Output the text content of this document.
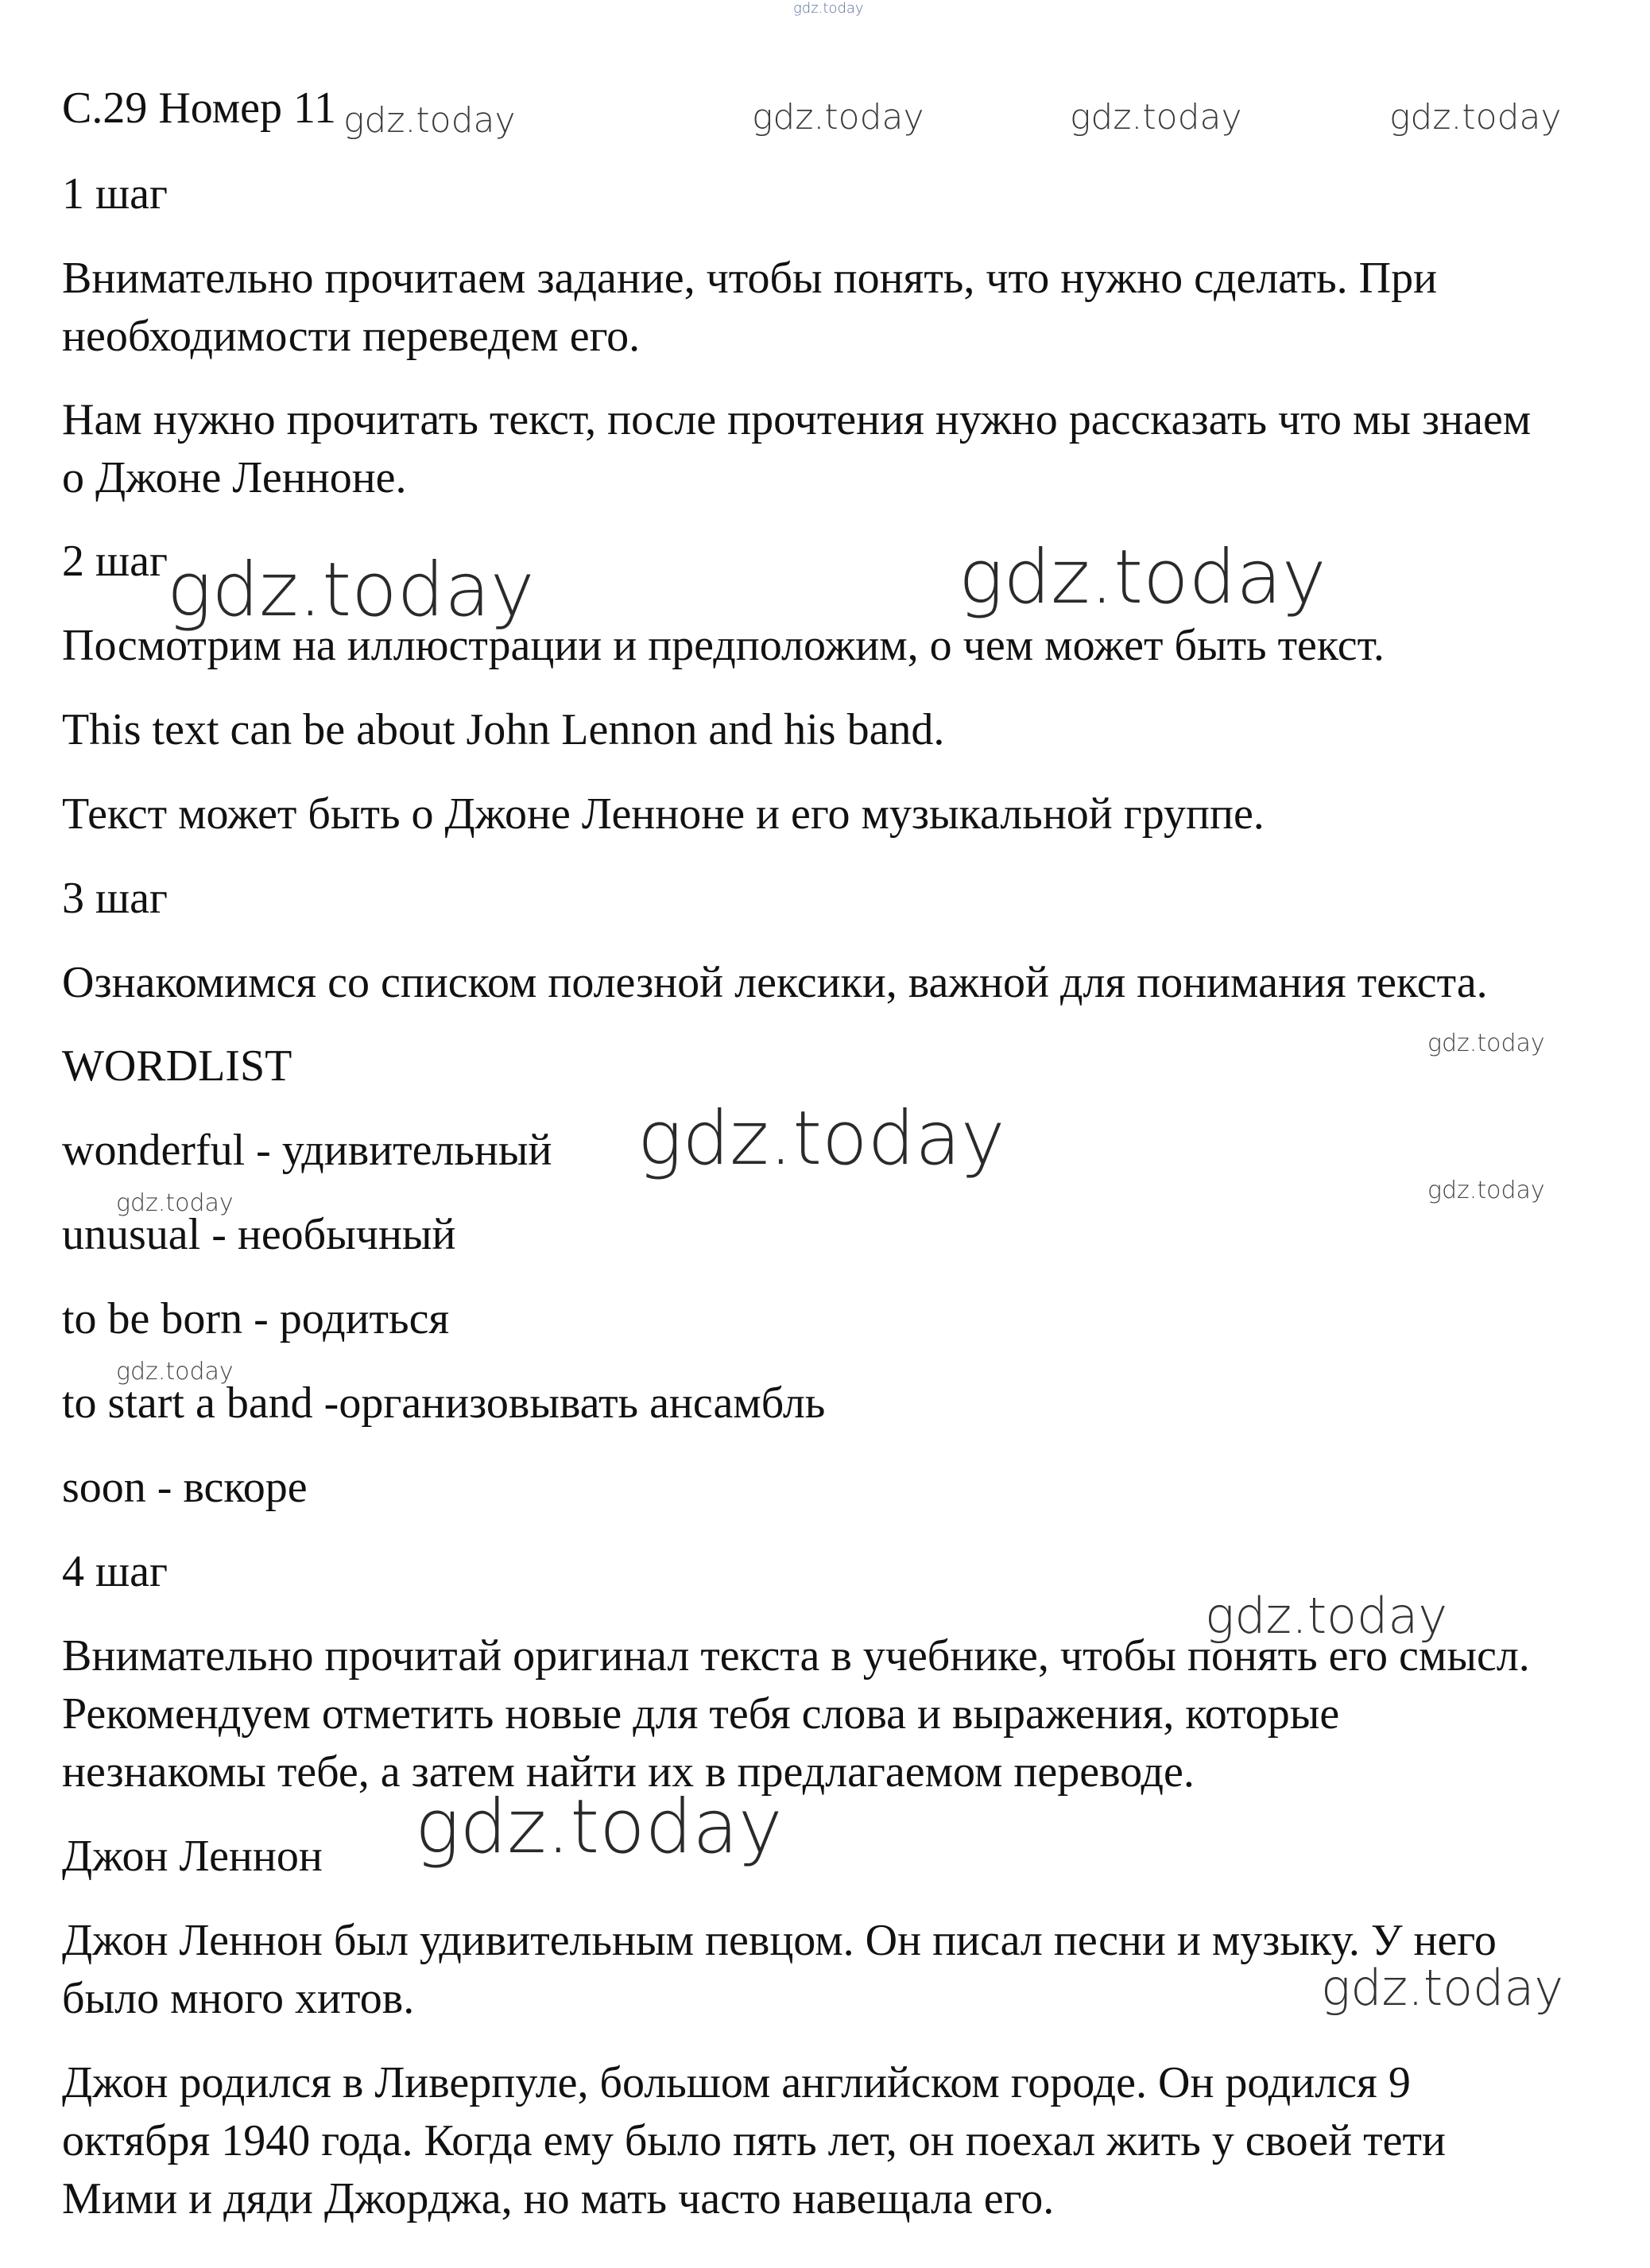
С.29 Номер 11

1 шаг

Внимательно прочитаем задание, чтобы понять, что нужно сделать. При

необходимости переведем его.

Нам нужно прочитать текст, после прочтения нужно рассказать что мы знаем

о Джоне Ленноне.

2 шаг

Посмотрим на иллюстрации и предположим, о чем может быть текст.

This text can be about John Lennon and his band.

Текст может быть о Джоне Ленноне и его музыкальной группе.

3 шаг

Ознакомимся со списком полезной лексики, важной для понимания текста.

WORDLIST

wonderful - удивительный

unusual - необычный

to be born - родиться

to start a band -организовывать ансамбль

soon - вскоре

4 шаг

Внимательно прочитай оригинал текста в учебнике, чтобы понять его смысл.

Рекомендуем отметить новые для тебя слова и выражения, которые

незнакомы тебе, а затем найти их в предлагаемом переводе.

Джон Леннон

Джон Леннон был удивительным певцом. Он писал песни и музыку. У него

было много хитов.

Джон родился в Ливерпуле, большом английском городе. Он родился 9

октября 1940 года. Когда ему было пять лет, он поехал жить у своей тети

Мими и дяди Джорджа, но мать часто навещала его.

gdz.today
gdz.today	gdz.today	gdz.today	gdz.today
gdz.today	gdz.today
gdz.today
gdz.today
gdz.today	gdz.today
gdz.today
gdz.today
gdz.today
gdz.today
